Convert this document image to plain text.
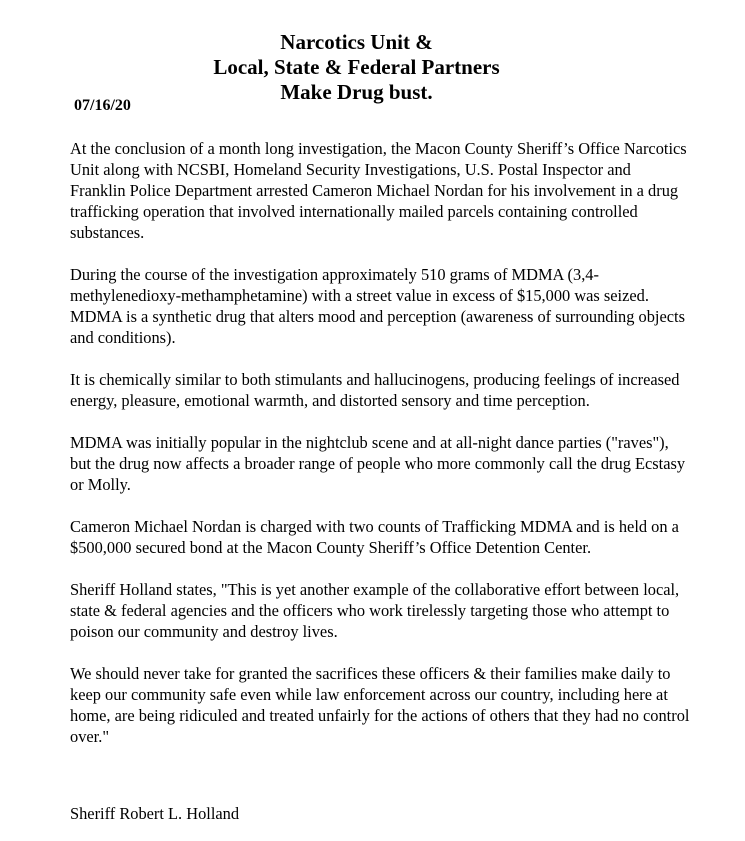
Narcotics Unit &
Local, State & Federal Partners
Make Drug bust.
07/16/20

At the conclusion of a month long investigation, the Macon County Sheriff’s Office Narcotics Unit along with NCSBI, Homeland Security Investigations, U.S. Postal Inspector and Franklin Police Department arrested Cameron Michael Nordan for his involvement in a drug trafficking operation that involved internationally mailed parcels containing controlled substances.

During the course of the investigation approximately 510 grams of MDMA (3,4-methylenedioxy-methamphetamine) with a street value in excess of $15,000 was seized. MDMA is a synthetic drug that alters mood and perception (awareness of surrounding objects and conditions).

It is chemically similar to both stimulants and hallucinogens, producing feelings of increased energy, pleasure, emotional warmth, and distorted sensory and time perception.

MDMA was initially popular in the nightclub scene and at all-night dance parties ("raves"), but the drug now affects a broader range of people who more commonly call the drug Ecstasy or Molly.

Cameron Michael Nordan is charged with two counts of Trafficking MDMA and is held on a $500,000 secured bond at the Macon County Sheriff’s Office Detention Center.

Sheriff Holland states, "This is yet another example of the collaborative effort between local, state & federal agencies and the officers who work tirelessly targeting those who attempt to poison our community and destroy lives.

We should never take for granted the sacrifices these officers & their families make daily to keep our community safe even while law enforcement across our country, including here at home, are being ridiculed and treated unfairly for the actions of others that they had no control over."

Sheriff Robert L. Holland
